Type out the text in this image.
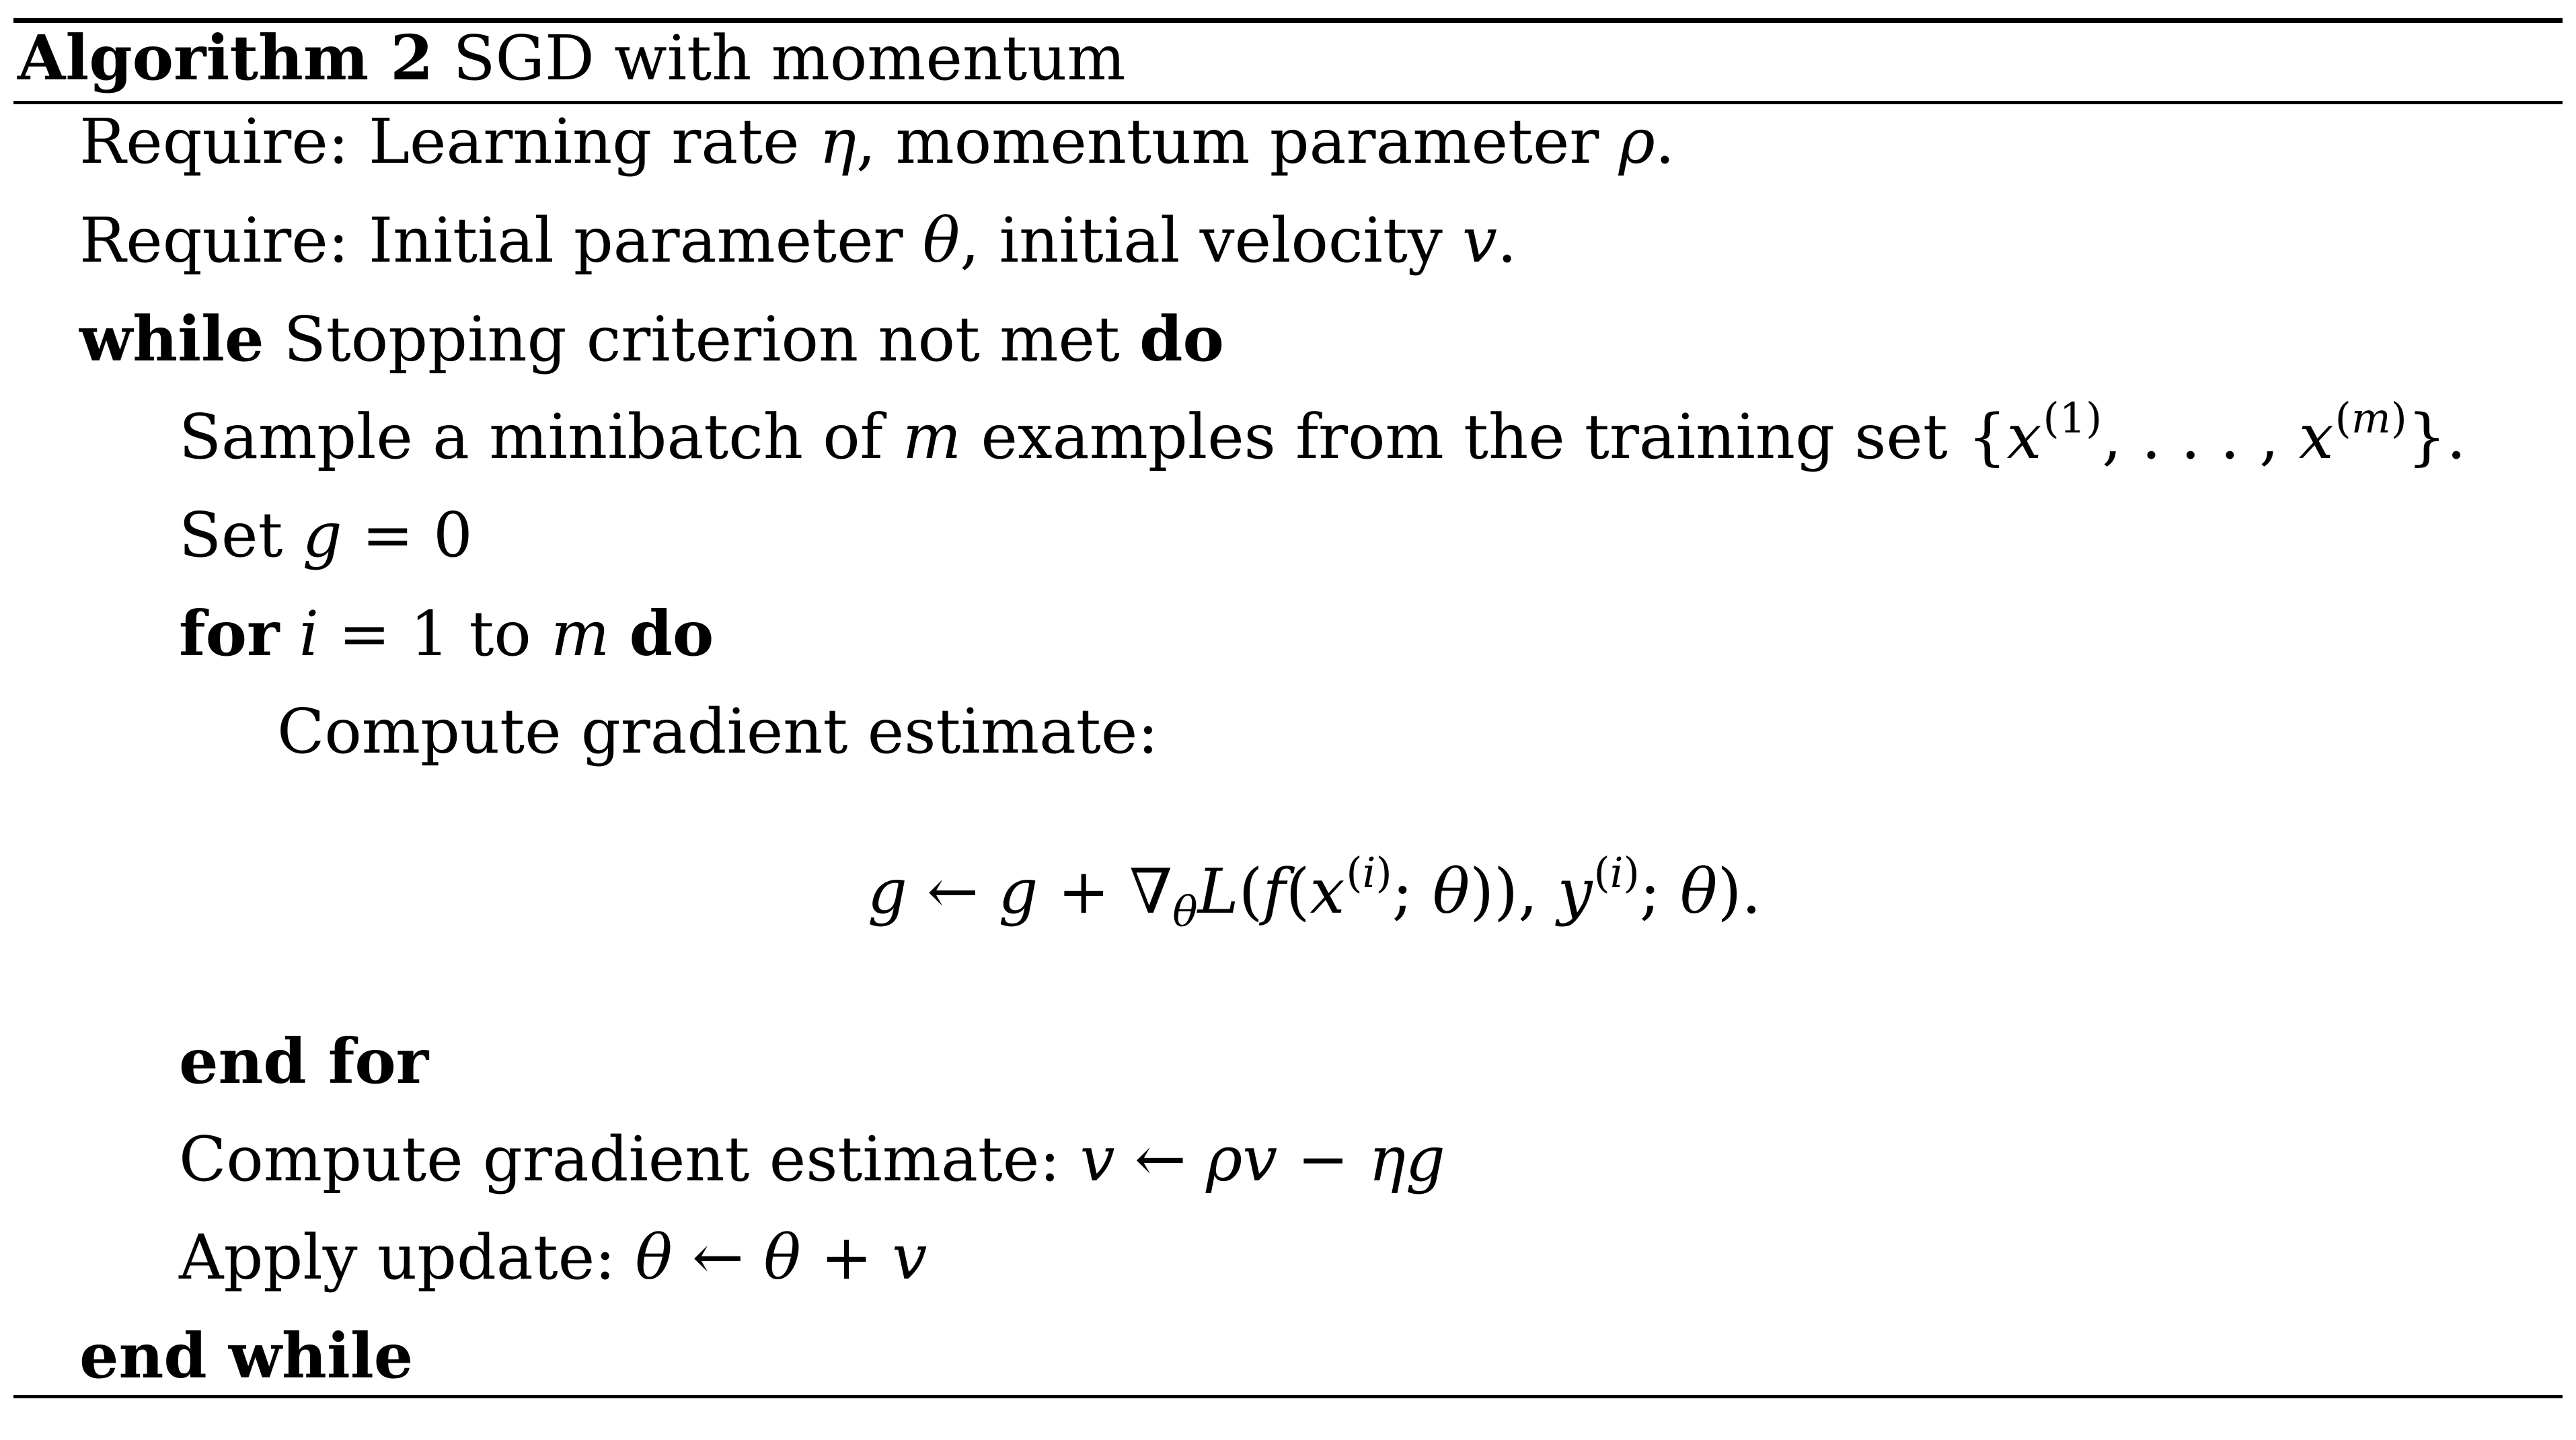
Algorithm 2 SGD with momentum
Require: Learning rate η, momentum parameter ρ.
Require: Initial parameter θ, initial velocity v.
while Stopping criterion not met do
Sample a minibatch of m examples from the training set {$x^{(1)}$, . . . , $x^{(m)}$}.
Set g = 0
for i = 1 to m do
Compute gradient estimate:
g ← $g + \nabla_\theta L(f(x^{(i)}$; θ)), $y^{(i)}$; θ).
end for
Compute gradient estimate: v ← ρv − ηg
Apply update: θ ← θ + v
end while
